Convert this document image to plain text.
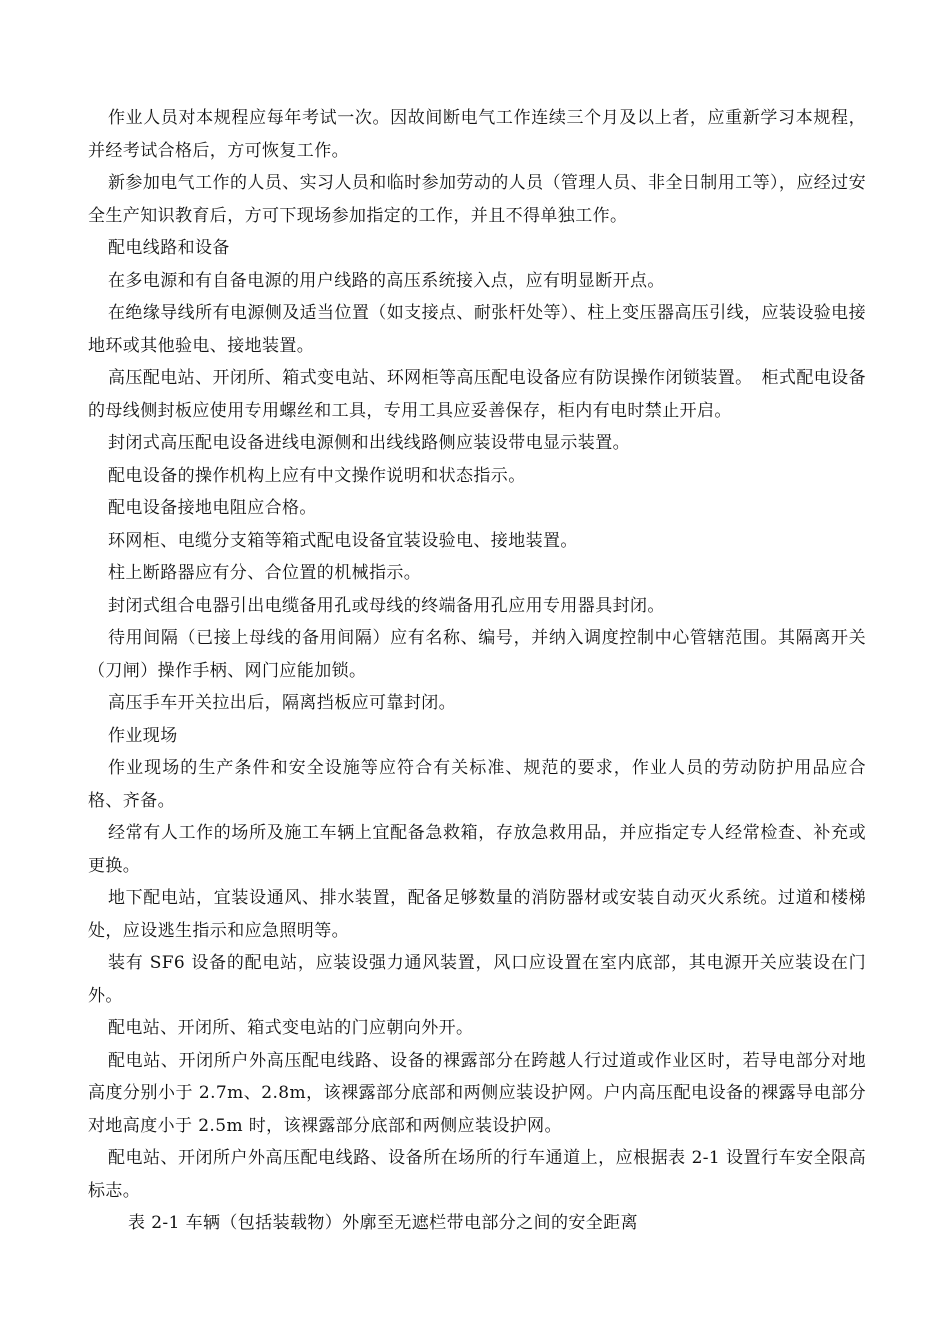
作业人员对本规程应每年考试一次。因故间断电气工作连续三个月及以上者，应重新学习本规程，并经考试合格后，方可恢复工作。

新参加电气工作的人员、实习人员和临时参加劳动的人员（管理人员、非全日制用工等），应经过安全生产知识教育后，方可下现场参加指定的工作，并且不得单独工作。

配电线路和设备

在多电源和有自备电源的用户线路的高压系统接入点，应有明显断开点。

在绝缘导线所有电源侧及适当位置（如支接点、耐张杆处等）、柱上变压器高压引线，应装设验电接地环或其他验电、接地装置。

高压配电站、开闭所、箱式变电站、环网柜等高压配电设备应有防误操作闭锁装置。　柜式配电设备的母线侧封板应使用专用螺丝和工具，专用工具应妥善保存，柜内有电时禁止开启。

封闭式高压配电设备进线电源侧和出线线路侧应装设带电显示装置。

配电设备的操作机构上应有中文操作说明和状态指示。

配电设备接地电阻应合格。

环网柜、电缆分支箱等箱式配电设备宜装设验电、接地装置。

柱上断路器应有分、合位置的机械指示。

封闭式组合电器引出电缆备用孔或母线的终端备用孔应用专用器具封闭。

待用间隔（已接上母线的备用间隔）应有名称、编号，并纳入调度控制中心管辖范围。其隔离开关（刀闸）操作手柄、网门应能加锁。

高压手车开关拉出后，隔离挡板应可靠封闭。

作业现场

作业现场的生产条件和安全设施等应符合有关标准、规范的要求，作业人员的劳动防护用品应合格、齐备。

经常有人工作的场所及施工车辆上宜配备急救箱，存放急救用品，并应指定专人经常检查、补充或更换。

地下配电站，宜装设通风、排水装置，配备足够数量的消防器材或安装自动灭火系统。过道和楼梯处，应设逃生指示和应急照明等。

装有 SF6 设备的配电站，应装设强力通风装置，风口应设置在室内底部，其电源开关应装设在门外。

配电站、开闭所、箱式变电站的门应朝向外开。

配电站、开闭所户外高压配电线路、设备的裸露部分在跨越人行过道或作业区时，若导电部分对地高度分别小于 2.7m、2.8m，该裸露部分底部和两侧应装设护网。户内高压配电设备的裸露导电部分对地高度小于 2.5m 时，该裸露部分底部和两侧应装设护网。

配电站、开闭所户外高压配电线路、设备所在场所的行车通道上，应根据表 2-1 设置行车安全限高标志。

表 2-1 车辆（包括装载物）外廓至无遮栏带电部分之间的安全距离
